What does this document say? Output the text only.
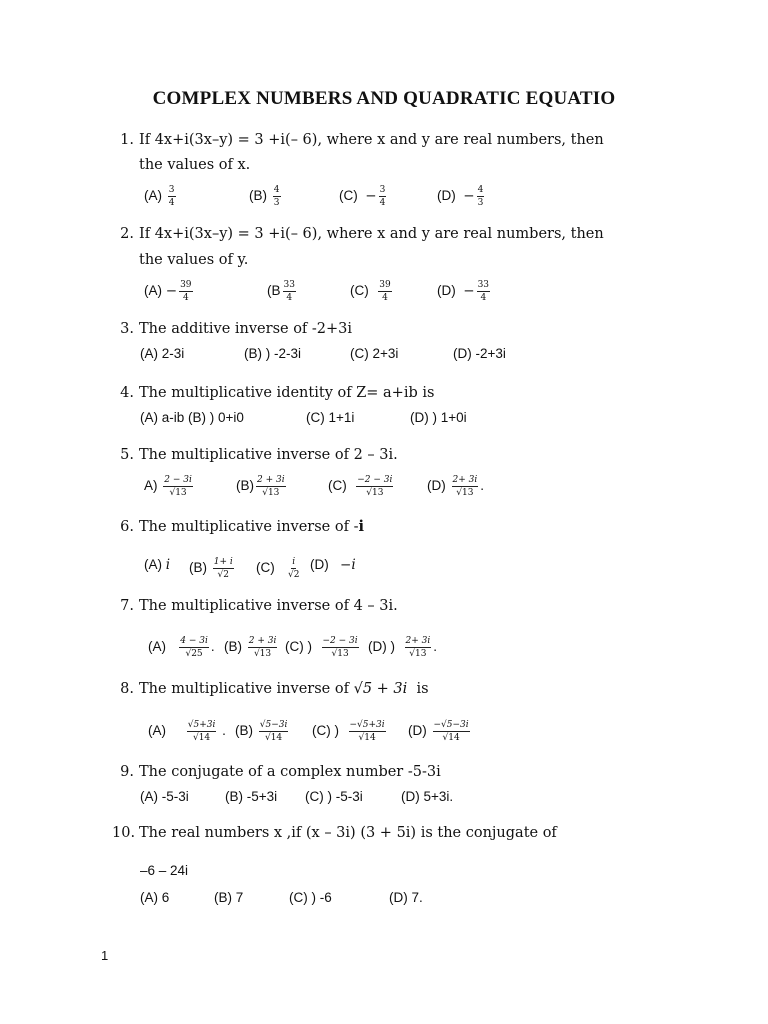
COMPLEX NUMBERS AND QUADRATIC EQUATIO
1. If 4x+i(3x–y) = 3 +i(– 6), where x and y are real numbers, then
the values of x.
$(A) \frac{3}{4}$	$(B) \frac{4}{3}$	$(C) - \frac{3}{4}$	$(D) - \frac{4}{3}$
2. If 4x+i(3x–y) = 3 +i(– 6), where x and y are real numbers, then
the values of y.
$(A) - \frac{39}{4}$	($B \frac{33}{4}$	$(C) \frac{39}{4}$	$(D) - \frac{33}{4}$
3. The additive inverse of -2+3i
(A) 2-3i	(B) ) -2-3i	(C) 2+3i	(D) -2+3i
4. The multiplicative identity of Z= a+ib is
(A) a-ib (B) ) 0+i0	(C) 1+1i	(D) ) 1+0i
5. The multiplicative inverse of 2 – 3i.
$A) \frac{2 - 3i}{√13}$	$(B) \frac{2 + 3i}{√13}$	$(C) \frac{-2 - 3i}{√13} (D) \frac{2+ 3i}{√13}$ .
6. The multiplicative inverse of -i
(A) i $(B) \frac{1+ i}{√2} (C) \frac{i}{√2} (D) -i$
7. The multiplicative inverse of 4 – 3i.
$(A) \frac{4 - 3i}{√25}$ . $(B) \frac{2 + 3i}{√13} (C)$ ) $\frac{-2 - 3i}{√13} (D)$ ) $\frac{2+ 3i}{√13}$ .
8. The multiplicative inverse of √5 + 3i is
$(A) \frac{√5+3i}{√14}$ . $(B) \frac{√5-3i}{√14} (C)$ ) $\frac{-√5+3i}{√14} (D) \frac{-√5-3i}{√14}$
9. The conjugate of a complex number -5-3i
(A) -5-3i	(B) -5+3i (C) ) -5-3i	(D) 5+3i.
10. The real numbers x ,if (x – 3i) (3 + 5i) is the conjugate of
–6 – 24i
(A) 6	(B) 7	(C) ) -6	(D) 7.
1
